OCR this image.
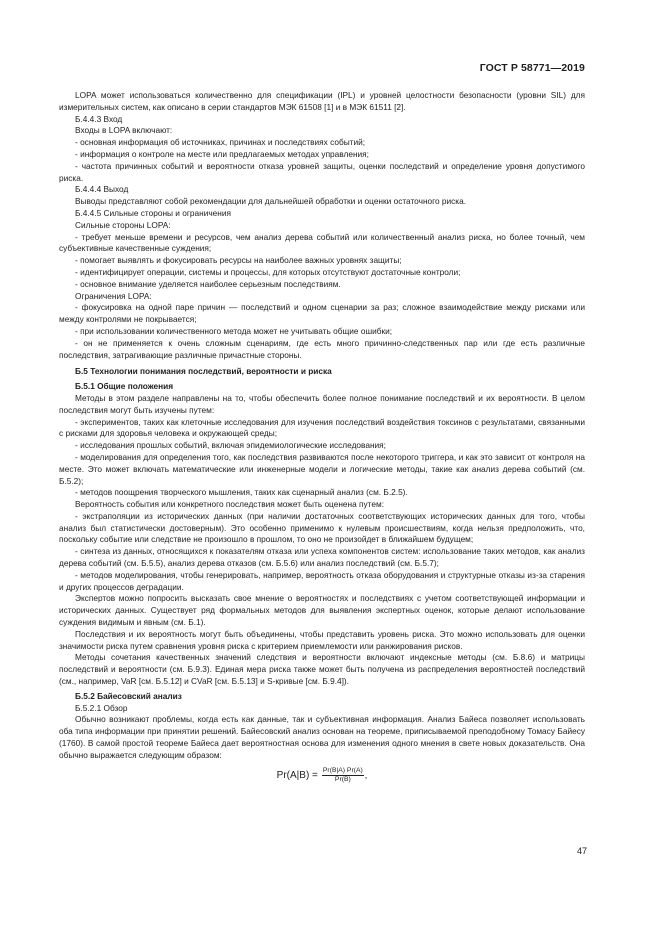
ГОСТ Р 58771—2019

LOPA может использоваться количественно для спецификации (IPL) и уровней целостности безопасности (уровни SIL) для измерительных систем, как описано в серии стандартов МЭК 61508 [1] и в МЭК 61511 [2].

Б.4.4.3 Вход

Входы в LOPA включают:

- основная информация об источниках, причинах и последствиях событий;

- информация о контроле на месте или предлагаемых методах управления;

- частота причинных событий и вероятности отказа уровней защиты, оценки последствий и определение уровня допустимого риска.

Б.4.4.4 Выход

Выводы представляют собой рекомендации для дальнейшей обработки и оценки остаточного риска.

Б.4.4.5 Сильные стороны и ограничения

Сильные стороны LOPA:

- требует меньше времени и ресурсов, чем анализ дерева событий или количественный анализ риска, но более точный, чем субъективные качественные суждения;

- помогает выявлять и фокусировать ресурсы на наиболее важных уровнях защиты;

- идентифицирует операции, системы и процессы, для которых отсутствуют достаточные контроли;

- основное внимание уделяется наиболее серьезным последствиям.

Ограничения LOPA:

- фокусировка на одной паре причин — последствий и одном сценарии за раз; сложное взаимодействие между рисками или между контролями не покрывается;

- при использовании количественного метода может не учитывать общие ошибки;

- он не применяется к очень сложным сценариям, где есть много причинно-следственных пар или где есть различные последствия, затрагивающие различные причастные стороны.

Б.5 Технологии понимания последствий, вероятности и риска

Б.5.1 Общие положения

Методы в этом разделе направлены на то, чтобы обеспечить более полное понимание последствий и их вероятности. В целом последствия могут быть изучены путем:

- экспериментов, таких как клеточные исследования для изучения последствий воздействия токсинов с результатами, связанными с рисками для здоровья человека и окружающей среды;

- исследования прошлых событий, включая эпидемиологические исследования;

- моделирования для определения того, как последствия развиваются после некоторого триггера, и как это зависит от контроля на месте. Это может включать математические или инженерные модели и логические методы, такие как анализ дерева событий (см. Б.5.2);

- методов поощрения творческого мышления, таких как сценарный анализ (см. Б.2.5).

Вероятность события или конкретного последствия может быть оценена путем:

- экстраполяции из исторических данных (при наличии достаточных соответствующих исторических данных для того, чтобы анализ был статистически достоверным). Это особенно применимо к нулевым происшествиям, когда нельзя предположить, что, поскольку событие или следствие не произошло в прошлом, то оно не произойдет в ближайшем будущем;

- синтеза из данных, относящихся к показателям отказа или успеха компонентов систем: использование таких методов, как анализ дерева событий (см. Б.5.5), анализ дерева отказов (см. Б.5.6) или анализ последствий (см. Б.5.7);

- методов моделирования, чтобы генерировать, например, вероятность отказа оборудования и структурные отказы из-за старения и других процессов деградации.

Экспертов можно попросить высказать свое мнение о вероятностях и последствиях с учетом соответствующей информации и исторических данных. Существует ряд формальных методов для выявления экспертных оценок, которые делают использование суждения видимым и явным (см. Б.1).

Последствия и их вероятность могут быть объединены, чтобы представить уровень риска. Это можно использовать для оценки значимости риска путем сравнения уровня риска с критерием приемлемости или ранжирования рисков.

Методы сочетания качественных значений следствия и вероятности включают индексные методы (см. Б.8.6) и матрицы последствий и вероятности (см. Б.9.3). Единая мера риска также может быть получена из распределения вероятностей последствий (см., например, VaR [см. Б.5.12] и CVaR [см. Б.5.13] и S-кривые [см. Б.9.4]).

Б.5.2 Байесовский анализ

Б.5.2.1 Обзор

Обычно возникают проблемы, когда есть как данные, так и субъективная информация. Анализ Байеса позволяет использовать оба типа информации при принятии решений. Байесовский анализ основан на теореме, приписываемой преподобному Томасу Байесу (1760). В самой простой теореме Байеса дает вероятностная основа для изменения одного мнения в свете новых доказательств. Она обычно выражается следующим образом:

$Pr(A|B) = \frac{Pr(B|A) Pr(A)}{Pr(B)}$ ,
47
